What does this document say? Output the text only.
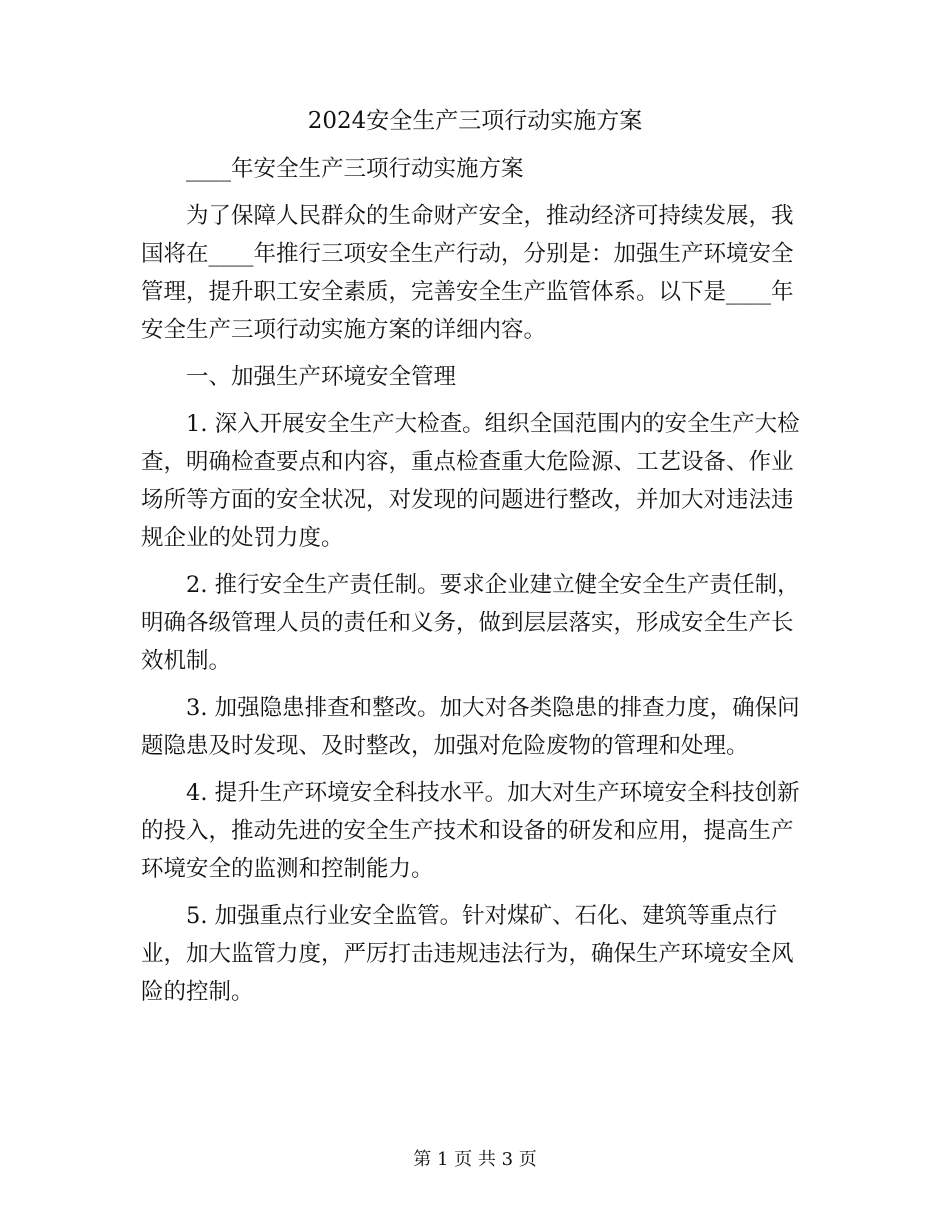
2024安全生产三项行动实施方案

____年安全生产三项行动实施方案

为了保障人民群众的生命财产安全，推动经济可持续发展，我国将在____年推行三项安全生产行动，分别是：加强生产环境安全管理，提升职工安全素质，完善安全生产监管体系。以下是____年安全生产三项行动实施方案的详细内容。

一、加强生产环境安全管理

1. 深入开展安全生产大检查。组织全国范围内的安全生产大检查，明确检查要点和内容，重点检查重大危险源、工艺设备、作业场所等方面的安全状况，对发现的问题进行整改，并加大对违法违规企业的处罚力度。

2. 推行安全生产责任制。要求企业建立健全安全生产责任制，明确各级管理人员的责任和义务，做到层层落实，形成安全生产长效机制。

3. 加强隐患排查和整改。加大对各类隐患的排查力度，确保问题隐患及时发现、及时整改，加强对危险废物的管理和处理。

4. 提升生产环境安全科技水平。加大对生产环境安全科技创新的投入，推动先进的安全生产技术和设备的研发和应用，提高生产环境安全的监测和控制能力。

5. 加强重点行业安全监管。针对煤矿、石化、建筑等重点行业，加大监管力度，严厉打击违规违法行为，确保生产环境安全风险的控制。

第 1 页 共 3 页
